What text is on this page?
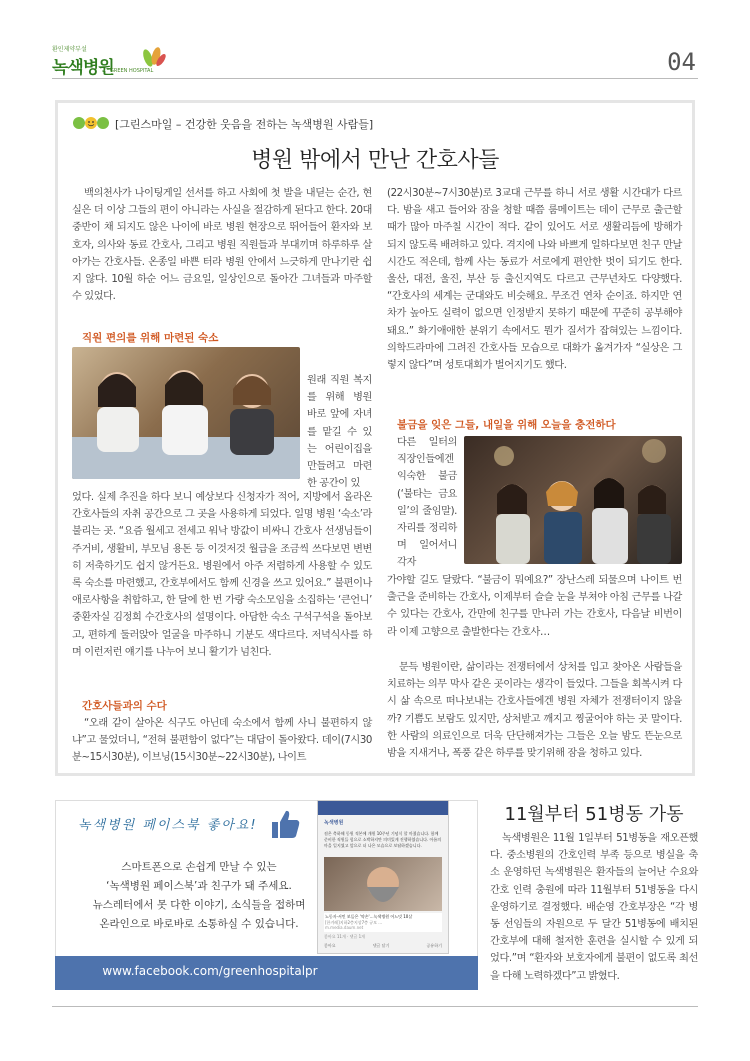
환인제약부설
녹색병원
GREEN HOSPITAL	04
[그린스마일 – 건강한 웃음을 전하는 녹색병원 사람들]
병원 밖에서 만난 간호사들

백의천사가 나이팅게일 선서를 하고 사회에 첫 발을 내딛는 순간, 현실은 더 이상 그들의 편이 아니라는 사실을 절감하게 된다고 한다. 20대 중반이 채 되지도 않은 나이에 바로 병원 현장으로 뛰어들어 환자와 보호자, 의사와 동료 간호사, 그리고 병원 직원들과 부대끼며 하루하루 살아가는 간호사들. 온종일 바쁜 터라 병원 안에서 느긋하게 만나기란 쉽지 않다. 10월 하순 어느 금요일, 일상인으로 돌아간 그녀들과 마주할 수 있었다.

직원 편의를 위해 마련된 숙소

원래 직원 복지를 위해 병원 바로 앞에 자녀를 맡길 수 있는 어린이집을 만들려고 마련한 공간이 있

었다. 실제 추진을 하다 보니 예상보다 신청자가 적어, 지방에서 올라온 간호사들의 자취 공간으로 그 곳을 사용하게 되었다. 일명 병원 ‘숙소’라 불리는 곳. “요즘 월세고 전세고 워낙 방값이 비싸니 간호사 선생님들이 주거비, 생활비, 부모님 용돈 등 이것저것 월급을 조금씩 쓰다보면 변변히 저축하기도 쉽지 않거든요. 병원에서 아주 저렴하게 사용할 수 있도록 숙소를 마련했고, 간호부에서도 함께 신경을 쓰고 있어요.” 불편이나 애로사항을 취합하고, 한 달에 한 번 가량 숙소모임을 소집하는 ‘큰언니’ 중환자실 김정희 수간호사의 설명이다. 아담한 숙소 구석구석을 돌아보고, 편하게 둘러앉아 얼굴을 마주하니 기분도 색다르다. 저녁식사를 하며 이런저런 얘기를 나누어 보니 활기가 넘친다.

간호사들과의 수다

“오래 같이 살아온 식구도 아닌데 숙소에서 함께 사니 불편하지 않냐”고 물었더니, “전혀 불편함이 없다”는 대답이 돌아왔다. 데이(7시30분~15시30분), 이브닝(15시30분~22시30분), 나이트

(22시30분~7시30분)로 3교대 근무를 하니 서로 생활 시간대가 다르다. 밤을 새고 들어와 잠을 청할 때쯤 룸메이트는 데이 근무로 출근할 때가 많아 마주칠 시간이 적다. 같이 있어도 서로 생활리듬에 방해가 되지 않도록 배려하고 있다. 격지에 나와 바쁘게 일하다보면 친구 만날 시간도 적은데, 함께 사는 동료가 서로에게 편안한 벗이 되기도 한다. 울산, 대전, 울진, 부산 등 출신지역도 다르고 근무년차도 다양했다. “간호사의 세계는 군대와도 비슷해요. 무조건 연차 순이죠. 하지만 연차가 높아도 실력이 없으면 인정받지 못하기 때문에 꾸준히 공부해야 돼요.” 화기애애한 분위기 속에서도 뭔가 질서가 잡혀있는 느낌이다. 의학드라마에 그려진 간호사들 모습으로 대화가 옮겨가자 “실상은 그렇지 않다”며 성토대회가 벌어지기도 했다.

불금을 잊은 그들, 내일을 위해 오늘을 충전하다

다른 일터의 직장인들에겐 익숙한 불금(‘불타는 금요일’의 줄임말). 자리를 정리하며 일어서니 각자

가야할 길도 달랐다. “불금이 뭐예요?” 장난스레 되물으며 나이트 번 출근을 준비하는 간호사, 이제부터 슬슬 눈을 부쳐야 아침 근무를 나갈 수 있다는 간호사, 간만에 친구를 만나러 가는 간호사, 다음날 비번이라 이제 고향으로 출발한다는 간호사…

문득 병원이란, 삶이라는 전쟁터에서 상처를 입고 찾아온 사람들을 치료하는 의무 막사 같은 곳이라는 생각이 들었다. 그들을 회복시켜 다시 삶 속으로 떠나보내는 간호사들에겐 병원 자체가 전쟁터이지 않을까? 기쁨도 보람도 있지만, 상처받고 깨지고 찡굴어야 하는 곳 말이다. 한 사람의 의료인으로 더욱 단단해져가는 그들은 오늘 밤도 뜬눈으로 밤을 지새거나, 폭풍 같은 하루를 맞기위해 잠을 청하고 있다.

녹색병원 페이스북 좋아요!
스마트폰으로 손쉽게 만날 수 있는
‘녹색병원 페이스북’과 친구가 돼 주세요.
뉴스레터에서 못 다한 이야기, 소식들을 접하며
온라인으로 바로바로 소통하실 수 있습니다.
녹색병원
점은 축하해 동원 적본에 개원 10주년 기념식 할 마쳤습니다. 함께 준비한 직원들 힘으로 소박하지만 의미있게 진행하였습니다. 아름의 마을 일지였고 앞으로 더 나은 모습으로 보답하겠습니다.
노동자·서민 보듬은 '약손'…녹색병원 어느덧 10살
[한겨레]지하2층지상7층 규모 ...
m.media.daum.net
좋아요 11개 · 댓글 1개
좋아요	댓글 달기	공유하기
www.facebook.com/greenhospitalpr
11월부터 51병동 가동

녹색병원은 11월 1일부터 51병동을 재오픈했다. 중소병원의 간호인력 부족 등으로 병실을 축소 운영하던 녹색병원은 환자들의 늘어난 수요와 간호 인력 충원에 따라 11월부터 51병동을 다시 운영하기로 결정했다. 배순영 간호부장은 “각 병동 선임들의 자원으로 두 달간 51병동에 배치된 간호부에 대해 철저한 훈련을 실시할 수 있게 되었다.”며 “환자와 보호자에게 불편이 없도록 최선을 다해 노력하겠다”고 밝혔다.
